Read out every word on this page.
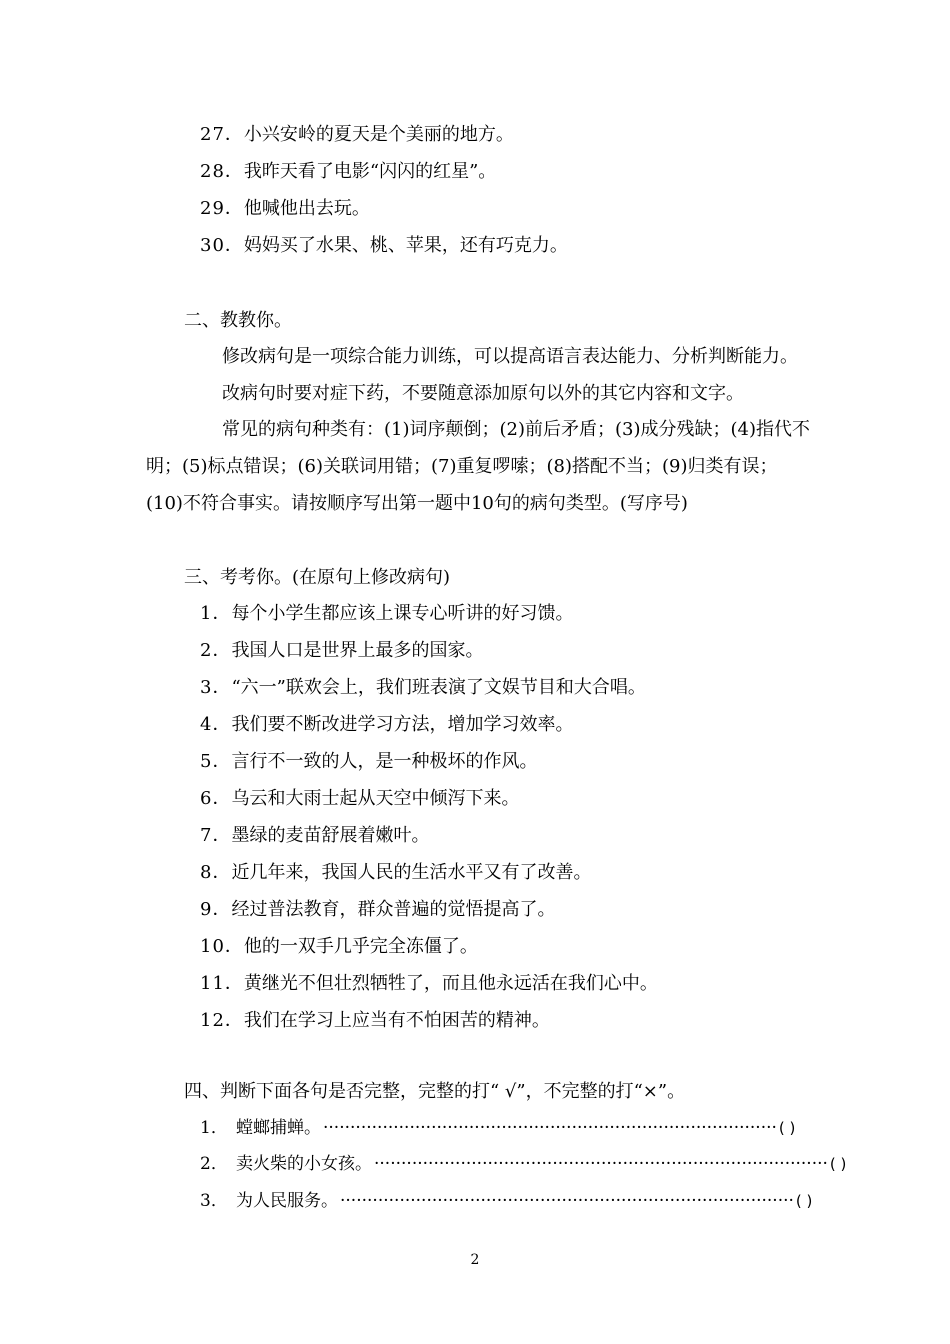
27．小兴安岭的夏天是个美丽的地方。
28．我昨天看了电影“闪闪的红星”。
29．他喊他出去玩。
30．妈妈买了水果、桃、苹果，还有巧克力。
二、教教你。
修改病句是一项综合能力训练，可以提高语言表达能力、分析判断能力。
改病句时要对症下药，不要随意添加原句以外的其它内容和文字。
常见的病句种类有：(1)词序颠倒；(2)前后矛盾；(3)成分残缺；(4)指代不明；(5)标点错误；(6)关联词用错；(7)重复啰嗦；(8)搭配不当；(9)归类有误；(10)不符合事实。请按顺序写出第一题中10句的病句类型。(写序号)
三、考考你。(在原句上修改病句)
1．每个小学生都应该上课专心听讲的好习馈。
2．我国人口是世界上最多的国家。
3．“六一”联欢会上，我们班表演了文娱节目和大合唱。
4．我们要不断改进学习方法，增加学习效率。
5．言行不一致的人，是一种极坏的作风。
6．乌云和大雨士起从天空中倾泻下来。
7．墨绿的麦苗舒展着嫩叶。
8．近几年来，我国人民的生活水平又有了改善。
9．经过普法教育，群众普遍的觉悟提高了。
10．他的一双手几乎完全冻僵了。
11．黄继光不但壮烈牺牲了，而且他永远活在我们心中。
12．我们在学习上应当有不怕困苦的精神。
四、判断下面各句是否完整，完整的打“ √”，不完整的打“×”。
1． 螳螂捕蝉。 ···················································································· ( )
2． 卖火柴的小女孩。 ···················································································· ( )
3． 为人民服务。 ···················································································· ( )
2
